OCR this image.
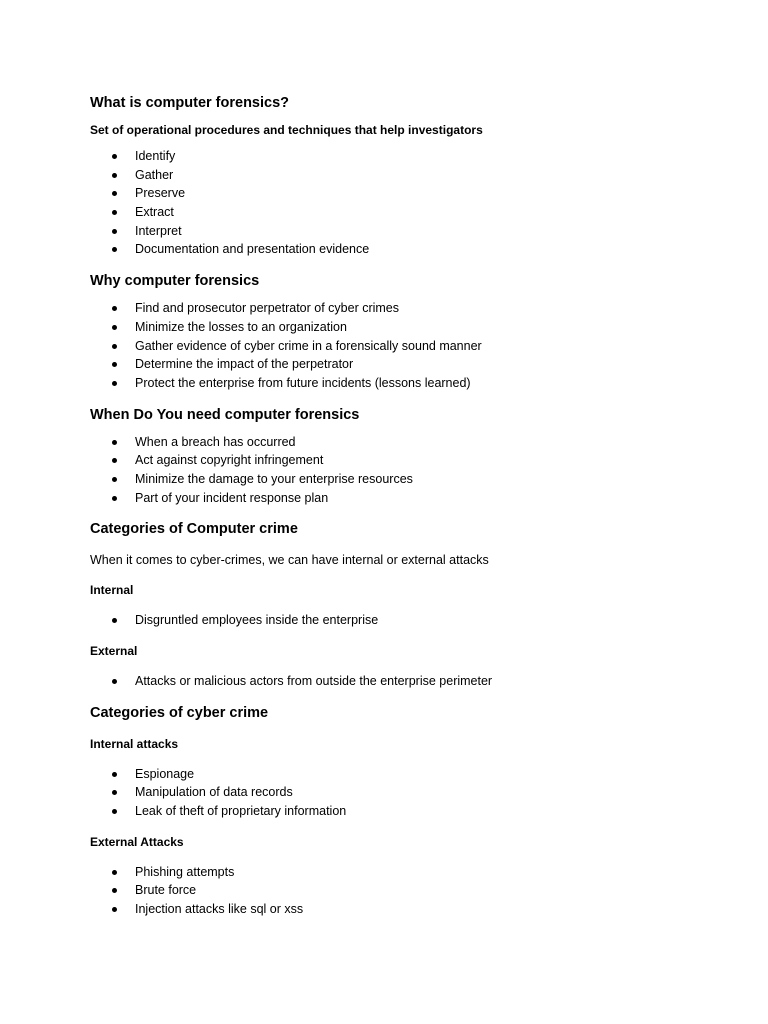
What is computer forensics?
Set of operational procedures and techniques that help investigators
Identify
Gather
Preserve
Extract
Interpret
Documentation and presentation evidence
Why computer forensics
Find and prosecutor perpetrator of cyber crimes
Minimize the losses to an organization
Gather evidence of cyber crime in a forensically sound manner
Determine the impact of the perpetrator
Protect the enterprise from future incidents (lessons learned)
When Do You need computer forensics
When a breach has occurred
Act against copyright infringement
Minimize the damage to your enterprise resources
Part of your incident response plan
Categories of Computer crime
When it comes to cyber-crimes, we can have internal or external attacks
Internal
Disgruntled employees inside the enterprise
External
Attacks or malicious actors from outside the enterprise perimeter
Categories of cyber crime
Internal attacks
Espionage
Manipulation of data records
Leak of theft of proprietary information
External Attacks
Phishing attempts
Brute force
Injection attacks like sql or xss
